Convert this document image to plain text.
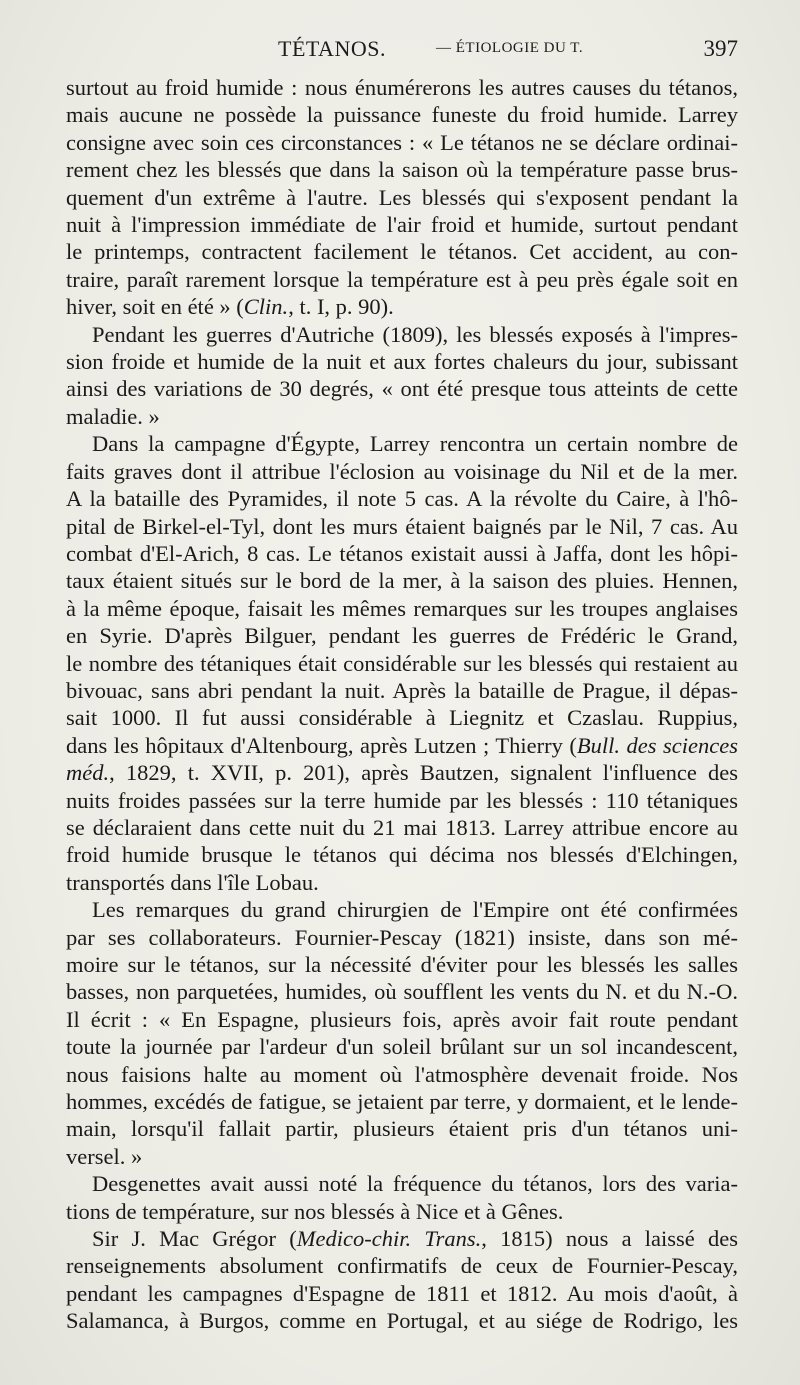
TÉTANOS.	— ÉTIOLOGIE DU T.	397

surtout au froid humide : nous énumérerons les autres causes du tétanos,

mais aucune ne possède la puissance funeste du froid humide. Larrey

consigne avec soin ces circonstances : « Le tétanos ne se déclare ordinai-

rement chez les blessés que dans la saison où la température passe brus-

quement d'un extrême à l'autre. Les blessés qui s'exposent pendant la

nuit à l'impression immédiate de l'air froid et humide, surtout pendant

le printemps, contractent facilement le tétanos. Cet accident, au con-

traire, paraît rarement lorsque la température est à peu près égale soit en

hiver, soit en été » (Clin., t. I, p. 90).

Pendant les guerres d'Autriche (1809), les blessés exposés à l'impres-

sion froide et humide de la nuit et aux fortes chaleurs du jour, subissant

ainsi des variations de 30 degrés, « ont été presque tous atteints de cette

maladie. »

Dans la campagne d'Égypte, Larrey rencontra un certain nombre de

faits graves dont il attribue l'éclosion au voisinage du Nil et de la mer.

A la bataille des Pyramides, il note 5 cas. A la révolte du Caire, à l'hô-

pital de Birkel-el-Tyl, dont les murs étaient baignés par le Nil, 7 cas. Au

combat d'El-Arich, 8 cas. Le tétanos existait aussi à Jaffa, dont les hôpi-

taux étaient situés sur le bord de la mer, à la saison des pluies. Hennen,

à la même époque, faisait les mêmes remarques sur les troupes anglaises

en Syrie. D'après Bilguer, pendant les guerres de Frédéric le Grand,

le nombre des tétaniques était considérable sur les blessés qui restaient au

bivouac, sans abri pendant la nuit. Après la bataille de Prague, il dépas-

sait 1000. Il fut aussi considérable à Liegnitz et Czaslau. Ruppius,

dans les hôpitaux d'Altenbourg, après Lutzen ; Thierry (Bull. des sciences

méd., 1829, t. XVII, p. 201), après Bautzen, signalent l'influence des

nuits froides passées sur la terre humide par les blessés : 110 tétaniques

se déclaraient dans cette nuit du 21 mai 1813. Larrey attribue encore au

froid humide brusque le tétanos qui décima nos blessés d'Elchingen,

transportés dans l'île Lobau.

Les remarques du grand chirurgien de l'Empire ont été confirmées

par ses collaborateurs. Fournier-Pescay (1821) insiste, dans son mé-

moire sur le tétanos, sur la nécessité d'éviter pour les blessés les salles

basses, non parquetées, humides, où soufflent les vents du N. et du N.-O.

Il écrit : « En Espagne, plusieurs fois, après avoir fait route pendant

toute la journée par l'ardeur d'un soleil brûlant sur un sol incandescent,

nous faisions halte au moment où l'atmosphère devenait froide. Nos

hommes, excédés de fatigue, se jetaient par terre, y dormaient, et le lende-

main, lorsqu'il fallait partir, plusieurs étaient pris d'un tétanos uni-

versel. »

Desgenettes avait aussi noté la fréquence du tétanos, lors des varia-

tions de température, sur nos blessés à Nice et à Gênes.

Sir J. Mac Grégor (Medico-chir. Trans., 1815) nous a laissé des

renseignements absolument confirmatifs de ceux de Fournier-Pescay,

pendant les campagnes d'Espagne de 1811 et 1812. Au mois d'août, à

Salamanca, à Burgos, comme en Portugal, et au siége de Rodrigo, les
